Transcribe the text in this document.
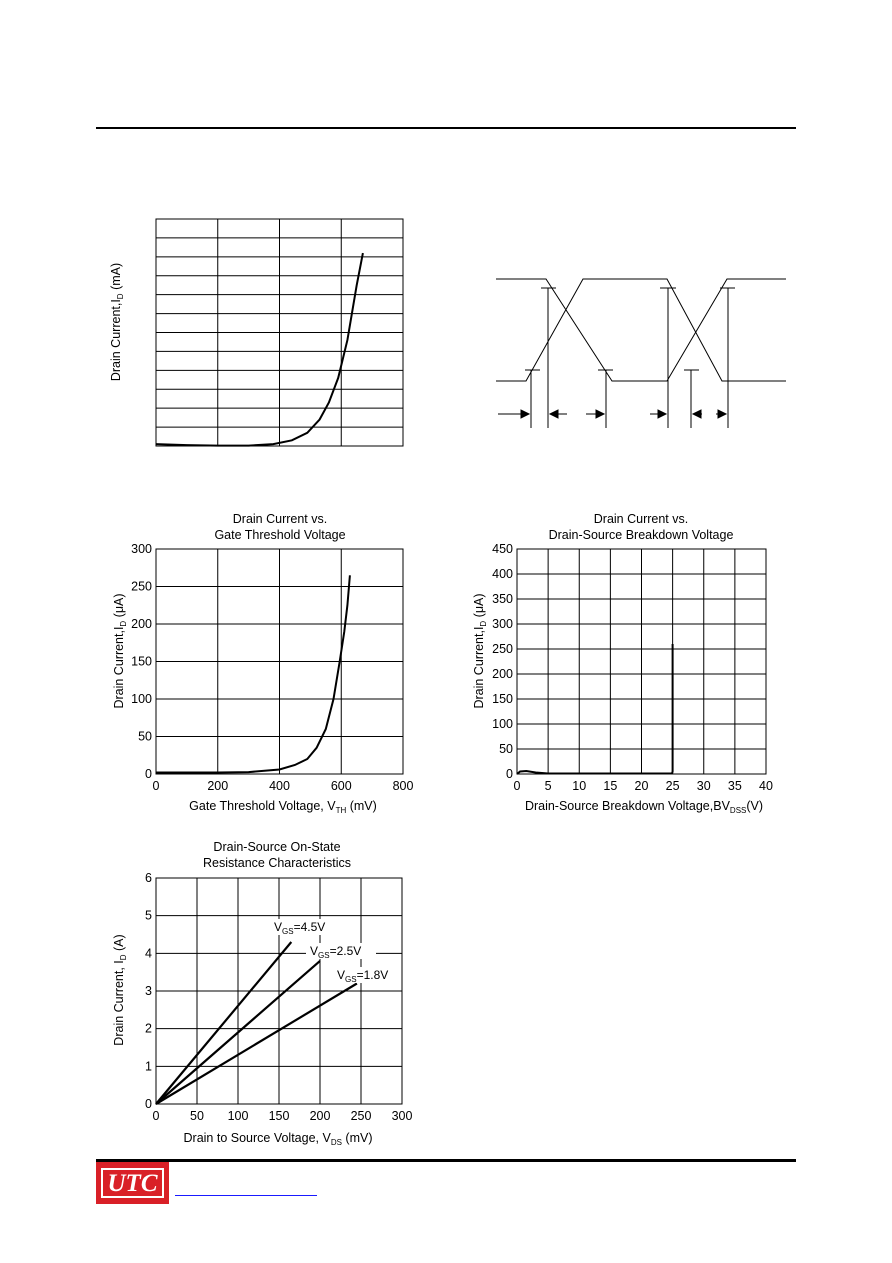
Drain $Current,I_D$ (mA)
Drain Current vs.
Gate Threshold Voltage
0	200	400	600	800
0
50
100
150
200
250
300
Gate Threshold Voltage, $V_{TH}$ (mV)
Drain $Current,I_D$ (μA)
Drain Current vs.
Drain-Source Breakdown Voltage
0 5 10 15 20 25 30 35 40
0
50
100
150
200
250
300
350
400
450
Drain-Source Breakdown $Voltage,BV_{DSS}(V)$
Drain $Current,I_D$ (μA)
Drain-Source On-State
Resistance Characteristics
0 50 100 150 200 250 300
0
1
2
3
4
5
6
$V_{GS}=4.5V$
$V_{GS}=2.5V$
$V_{GS}=1.8V$
Drain to Source Voltage, $V_{DS}$ (mV)
Drain Current, $I_D$ (A)
UTC
